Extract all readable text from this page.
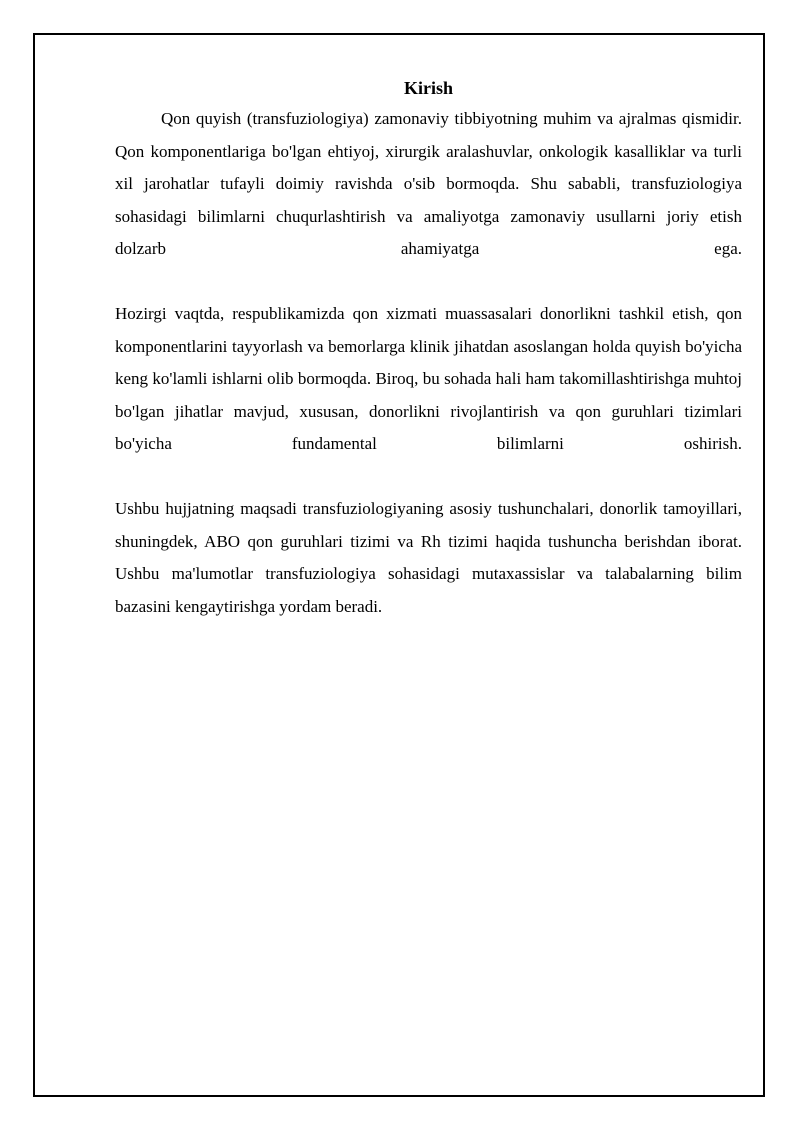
Kirish

Qon quyish (transfuziologiya) zamonaviy tibbiyotning muhim va ajralmas qismidir. Qon komponentlariga bo'lgan ehtiyoj, xirurgik aralashuvlar, onkologik kasalliklar va turli xil jarohatlar tufayli doimiy ravishda o'sib bormoqda. Shu sababli, transfuziologiya sohasidagi bilimlarni chuqurlashtirish va amaliyotga zamonaviy usullarni joriy etish dolzarb ahamiyatga ega.

Hozirgi vaqtda, respublikamizda qon xizmati muassasalari donorlikni tashkil etish, qon komponentlarini tayyorlash va bemorlarga klinik jihatdan asoslangan holda quyish bo'yicha keng ko'lamli ishlarni olib bormoqda. Biroq, bu sohada hali ham takomillashtirishga muhtoj bo'lgan jihatlar mavjud, xususan, donorlikni rivojlantirish va qon guruhlari tizimlari bo'yicha fundamental bilimlarni oshirish.

Ushbu hujjatning maqsadi transfuziologiyaning asosiy tushunchalari, donorlik tamoyillari, shuningdek, ABO qon guruhlari tizimi va Rh tizimi haqida tushuncha berishdan iborat. Ushbu ma'lumotlar transfuziologiya sohasidagi mutaxassislar va talabalarning bilim bazasini kengaytirishga yordam beradi.
